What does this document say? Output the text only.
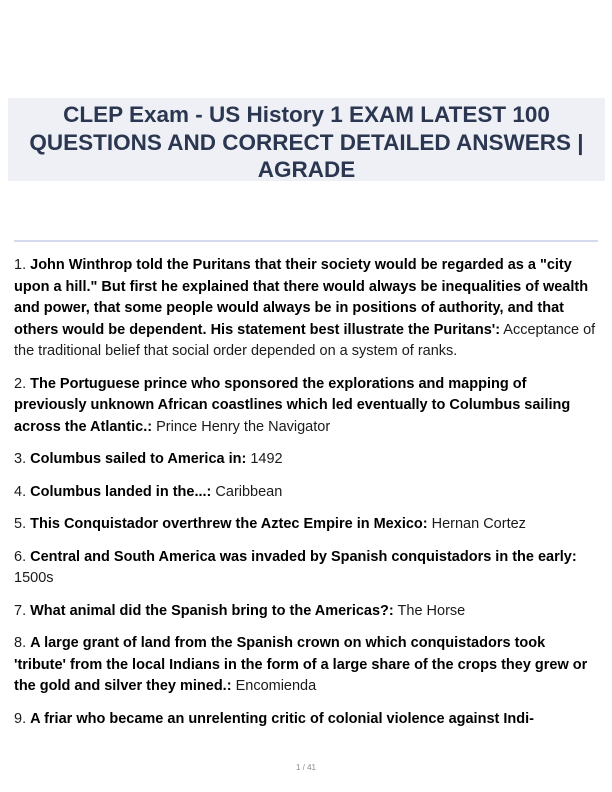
CLEP Exam - US History 1 EXAM LATEST 100 QUESTIONS AND CORRECT DETAILED ANSWERS | AGRADE

1. John Winthrop told the Puritans that their society would be regarded as a "city upon a hill." But first he explained that there would always be inequalities of wealth and power, that some people would always be in positions of authority, and that others would be dependent. His statement best illustrate the Puritans': Acceptance of the traditional belief that social order depended on a system of ranks.

2. The Portuguese prince who sponsored the explorations and mapping of previously unknown African coastlines which led eventually to Columbus sailing across the Atlantic.: Prince Henry the Navigator

3. Columbus sailed to America in: 1492

4. Columbus landed in the...: Caribbean

5. This Conquistador overthrew the Aztec Empire in Mexico: Hernan Cortez

6. Central and South America was invaded by Spanish conquistadors in the early: 1500s

7. What animal did the Spanish bring to the Americas?: The Horse

8. A large grant of land from the Spanish crown on which conquistadors took 'tribute' from the local Indians in the form of a large share of the crops they grew or the gold and silver they mined.: Encomienda

9. A friar who became an unrelenting critic of colonial violence against Indi-

1 / 41
